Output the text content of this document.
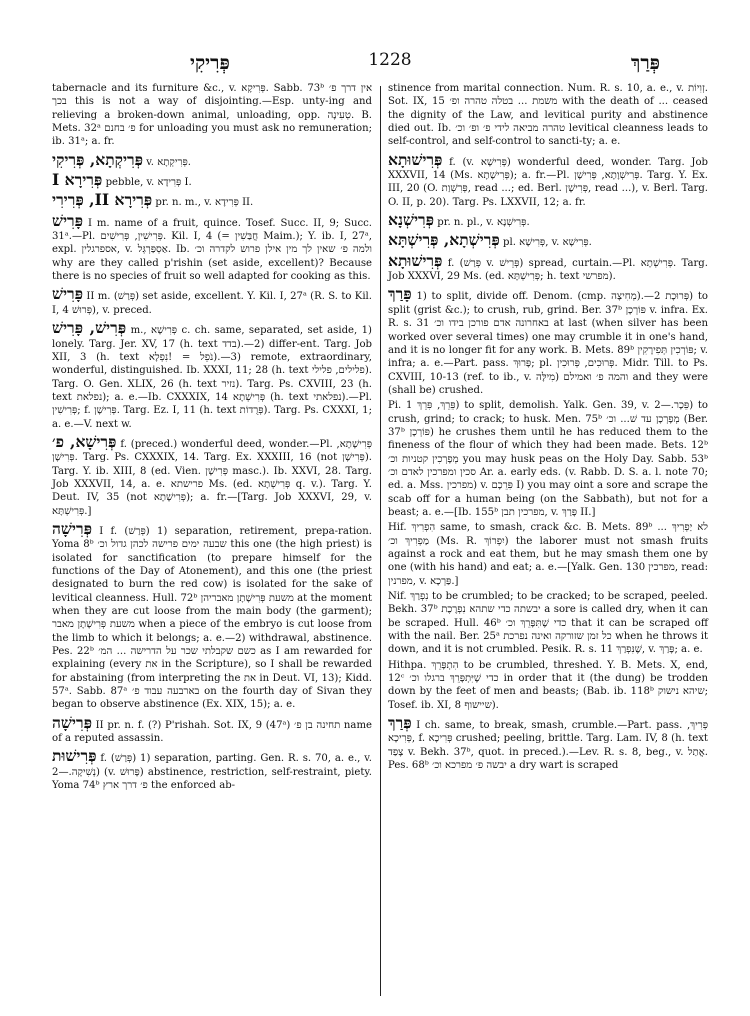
פְּרִיקִי	1228	פְּרַךְ

tabernacle and its furniture &c., v. פְּרִיקָא. Sabb. 73ᵇ אין דרך פ׳ בכך this is not a way of disjointing.—Esp. unty-ing and relieving a broken-down animal, unloading, opp. טְעִינָה. B. Mets. 32ᵃ פ׳ בחנם for unloading you must ask no remuneration; ib. 31ᵃ; a. fr.

פְּרִיקְתָא, פְּרִיקִי v. פְּרִיקְתָא.

פְּרִירָא I pebble, v. פְּרִידָא I.

פְּרִירָא II, פְּרִירִי pr. n. m., v. פְּרִידָא II.

פָּרִישׁ I m. name of a fruit, quince. Tosef. Succ. II, 9; Succ. 31ᵃ.—Pl. פְּרִישִׁין, פְּרִישִׁים. Kil. I, 4 (= חֲבַּשִׁין Maim.); Y. ib. I, 27ᵃ, expl. אספרגלין, v. אַסְפַּרְגְּל. Ib. ולמה פ׳ שאין לך מין אילן פרוש לקדרה וכ׳ why are they called p'rishin (set aside, excellent)? Because there is no species of fruit so well adapted for cooking as this.

פָּרִישׁ II m. (פְּרַשׁ) set aside, excellent. Y. Kil. I, 27ᵃ (R. S. to Kil. I, 4 פְּרוּשׁ), v. preced.

פְּרִישׁ, פָּרִישׁ m., פְּרִישָׁא c. ch. same, separated, set aside, 1) lonely. Targ. Jer. XV, 17 (h. text בדד).—2) differ-ent. Targ. Job XII, 3 (h. text נֹפֵל = !נִפְלָא).—3) remote, extraordinary, wonderful, distinguished. Ib. XXXI, 11; 28 (h. text פלילים, פלילי). Targ. O. Gen. XLIX, 26 (h. text נזיר). Targ. Ps. CXVIII, 23 (h. text נפלאת); a. e.—Ib. CXXXIX, 14 פְּרִישְׁתָא (h. text נפלאתי).—Pl. פְּרִישִׁין; f. פְּרִישָׁן. Targ. Ez. I, 11 (h. text פְּרֻדוֹת). Targ. Ps. CXXXI, 1; a. e.—V. next w.

פְּרִישָׁא, פ׳ f. (preced.) wonderful deed, wonder.—Pl. פְּרִישָׁתָא, פְּרִישָׁן. Targ. Ps. CXXXIX, 14. Targ. Ex. XXXIII, 16 (not פְּרִישָׁן). Targ. Y. ib. XIII, 8 (ed. Vien. פְּרִישָׁן masc.). Ib. XXVI, 28. Targ. Job XXXVII, 14, a. e. פרישתא Ms. (ed. פְּרִישְׁתָא q. v.). Targ. Y. Deut. IV, 35 (not פְּרִישָׁתָא); a. fr.—[Targ. Job XXXVI, 29, v. פְּרִישְׁתָּא.]

פְּרִישָׁה I f. (פְּרַשׁ) 1) separation, retirement, prepa-ration. Yoma 8ᵇ שבעה ימים פרישה לכהן גדול וכ׳ this one (the high priest) is isolated for sanctification (to prepare himself for the functions of the Day of Atonement), and this one (the priest designated to burn the red cow) is isolated for the sake of levitical cleanness. Hull. 72ᵇ משעת פְּרִישָׁתָן מאבריהן at the moment when they are cut loose from the main body (the garment); משעת פְּרִישָׁתָן מאבר when a piece of the embryo is cut loose from the limb to which it belongs; a. e.—2) withdrawal, abstinence. Pes. 22ᵇ כשם שקבלתי שכר על הדרישה ... המ׳ as I am rewarded for explaining (every את in the Scripture), so I shall be rewarded for abstaining (from interpreting the את in Deut. VI, 13); Kidd. 57ᵃ. Sabb. 87ᵃ בארבעה עבוד פ׳ on the fourth day of Sivan they began to observe abstinence (Ex. XIX, 15); a. e.

פְּרִישָׁה II pr. n. f. (?) P'rishah. Sot. IX, 9 (47ᵃ) תחינה בן פ׳ name of a reputed assassin.

פְּרִישׁוּת f. (פְּרַשׁ) 1) separation, parting. Gen. R. s. 70, a. e., v. נְשִׁיקָה.—2) (v. פָּרוּשׁ) abstinence, restriction, self-restraint, piety. Yoma 74ᵇ פ׳ דרך ארץ the enforced ab-

stinence from marital connection. Num. R. s. 10, a. e., v. זְוִיוֹת. Sot. IX, 15 משמת ... בטלה טהרה ופ׳ with the death of ... ceased the dignity of the Law, and levitical purity and abstinence died out. Ib. טהרה מביאה לידי פ׳ ופ׳ וכ׳ levitical cleanness leads to self-control, and self-control to sancti-ty; a. e.

פְּרִישׁוּתָא f. (v. פְּרִישָׁא) wonderful deed, wonder. Targ. Job XXXVII, 14 (Ms. פְּרִישָׁתָא); a. fr.—Pl. פְּרִישְׁוָתָא, פְּרִישָׁן. Targ. Y. Ex. III, 20 (O. פְּרִשְׁוַת, read ...; ed. Berl. פְּרִישָׁן, read ...), v. Berl. Targ. O. II, p. 20). Targ. Ps. LXXVII, 12; a. fr.

פְּרִישְׁנָא pr. n. pl., v. פְּרִישְׁנָא.

פְּרִישְׁתָא, פְּרִישְׁתָּא pl. פְּרִישָׁא, v. פְּרִישָׁא.

פְּרִישׁוּתָא f. (פְּרַשׁ v. פְּרֵישׁ) spread, curtain.—Pl. פְּרִישְׁתָא. Targ. Job XXXVI, 29 Ms. (ed. פְּרִישְׁתָּא; h. text מפרשי).

פָּרַךְ 1) to split, divide off. Denom. (cmp. מְחִיצָה).—פְּרוּכָת 2) to split (grist &c.); to crush, rub, grind. Ber. 37ᵇ פּוֹרְכָן v. infra. Ex. R. s. 31 באחרונה אדם פורכן בידו וכ׳ at last (when silver has been worked over several times) one may crumble it in one's hand, and it is no longer fit for any work. B. Mets. 89ᵇ פּוֹרְכִין תְּפִירָקִין; v. infra; a. e.—Part. pass. פָּרוּךְ; pl. פְּרוּכִים, פְּרוּכִין. Midr. Till. to Ps. CXVIII, 10-13 (ref. to ib., v. מִילָּה) והמה פ׳ ואמילם and they were (shall be) crushed.

Pi. פֵּרֵךְ, פִּרֵךְ 1) to split, demolish. Yalk. Gen. 39, v. פֵּכָר.—2) to crush, grind; to crack; to husk. Men. 75ᵇ מְפָרְכָן עד שׁ... וכ׳ (Ber. 37ᵇ פּוֹרְכָן) he crushes them until he has reduced them to the fineness of the flour of which they had been made. Bets. 12ᵇ מְפָרְכִין קטניות וכ׳ you may husk peas on the Holy Day. Sabb. 53ᵇ סכין ומפרכין לאדם וכ׳ Ar. a. early eds. (v. Rabb. D. S. a. l. note 70; ed. a. Mss. מפרכין) v. פִּרֵכָם I) you may oint a sore and scrape the scab off for a human being (on the Sabbath), but not for a beast; a. e.—[Ib. 155ᵇ מפרכין תבן, v. פָּרַךְ II.]

Hif. הִפְרִיךְ same, to smash, crack &c. B. Mets. 89ᵇ לא יַפְרִיךְ ... מַפְרִיךְ וכ׳ (Ms. R. יִפְרוֹךְ) the laborer must not smash fruits against a rock and eat them, but he may smash them one by one (with his hand) and eat; a. e.—[Yalk. Gen. 130 מפרכין, read: מפרנין, v. פַּרְכָא.]

Nif. נִפְרַךְ to be crumbled; to be cracked; to be scraped, peeled. Bekh. 37ᵇ יבשתה כדי שתהא נִפְרֶכֶת a sore is called dry, when it can be scraped. Hull. 46ᵇ כדי שֶׁתִּפָּרֵךְ וכ׳ that it can be scraped off with the nail. Ber. 25ᵃ כל זמן שזורקה ואינה נפרכת when he throws it down, and it is not crumbled. Pesik. R. s. 11 שֶׁנִּפְרַךְ, v. פָּרַךְ; a. e.

Hithpa. הִתְפָּרֵךְ to be crumbled, threshed. Y. B. Mets. X, end, 12ᶜ כדי שֶׁיִּתְפָּרֵךְ ברגלו וכ׳ in order that it (the dung) be trodden down by the feet of men and beasts; (Bab. ib. 118ᵇ שיהא נישוק; Tosef. ib. XI, 8 שיישוף).

פְּרַךְ I ch. same, to break, smash, crumble.—Part. pass. פְּרִיךְ, פְּרִיכָא, f. פְּרִיכָא crushed; peeling, brittle. Targ. Lam. IV, 8 (h. text צָפַד v. Bekh. 37ᵇ, quot. in preced.).—Lev. R. s. 8, beg., v. אֲתַל. Pes. 68ᵇ יבשה פ׳ מפרכא וכ׳ a dry wart is scraped
